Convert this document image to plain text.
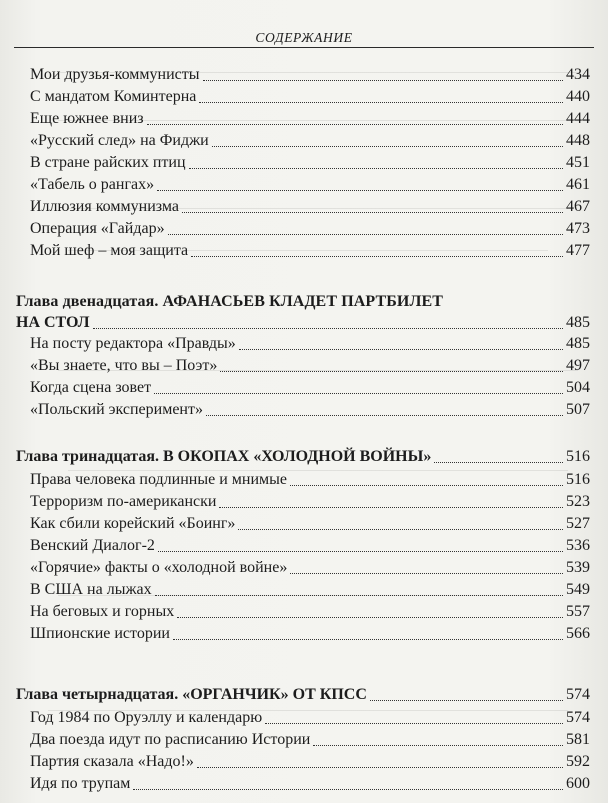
СОДЕРЖАНИЕ
Мои друзья-коммунисты	434
С мандатом Коминтерна	440
Еще южнее вниз	444
«Русский след» на Фиджи	448
В стране райских птиц	451
«Табель о рангах»	461
Иллюзия коммунизма	467
Операция «Гайдар»	473
Мой шеф – моя защита	477
Глава двенадцатая. АФАНАСЬЕВ КЛАДЕТ ПАРТБИЛЕТ
НА СТОЛ	485
На посту редактора «Правды»	485
«Вы знаете, что вы – Поэт»	497
Когда сцена зовет	504
«Польский эксперимент»	507
Глава тринадцатая. В ОКОПАХ «ХОЛОДНОЙ ВОЙНЫ»	516
Права человека подлинные и мнимые	516
Терроризм по-американски	523
Как сбили корейский «Боинг»	527
Венский Диалог-2	536
«Горячие» факты о «холодной войне»	539
В США на лыжах	549
На беговых и горных	557
Шпионские истории	566
Глава четырнадцатая. «ОРГАНЧИК» ОТ КПСС	574
Год 1984 по Оруэллу и календарю	574
Два поезда идут по расписанию Истории	581
Партия сказала «Надо!»	592
Идя по трупам	600
